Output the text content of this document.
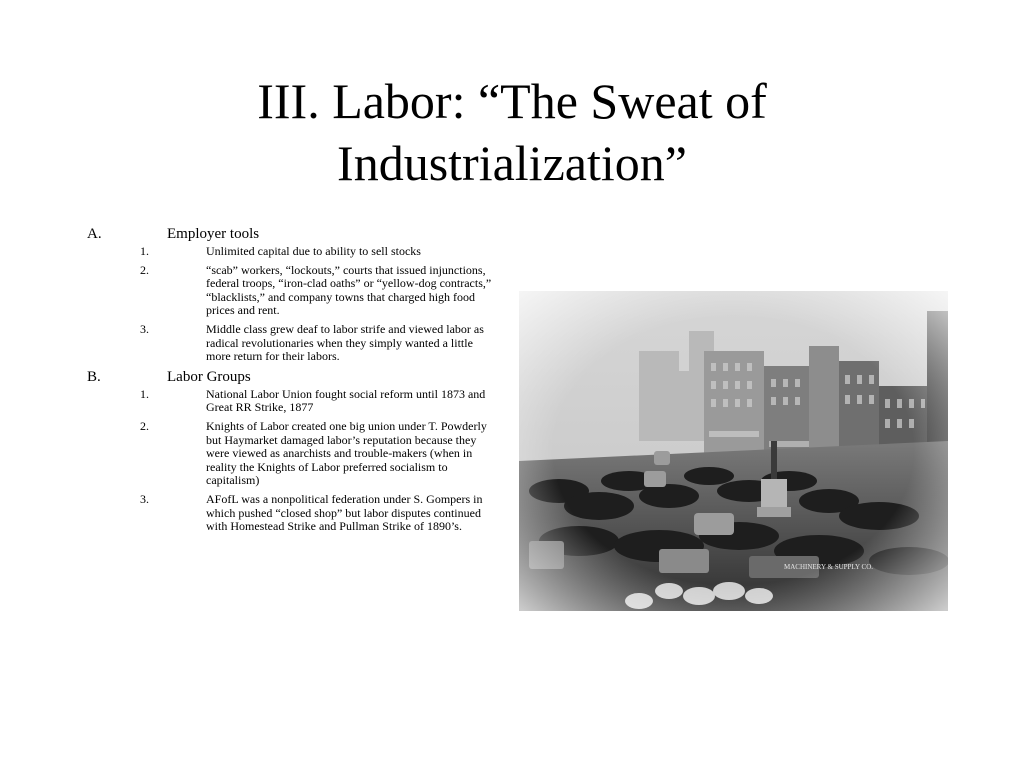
III. Labor: “The Sweat of
Industrialization”
A.	Employer tools
1.	Unlimited capital due to ability to sell stocks
2.	“scab” workers, “lockouts,” courts that issued injunctions, federal troops, “iron-clad oaths” or “yellow-dog contracts,” “blacklists,” and company towns that charged high food prices and rent.
3.	Middle class grew deaf to labor strife and viewed labor as radical revolutionaries when they simply wanted a little more return for their labors.
B.	Labor Groups
1.	National Labor Union fought social reform until 1873 and Great RR Strike, 1877
2.	Knights of Labor created one big union under T. Powderly but Haymarket damaged labor’s reputation because they were viewed as anarchists and trouble-makers (when in reality the Knights of Labor preferred socialism to capitalism)
3.	AFofL was a nonpolitical federation under S. Gompers in which pushed “closed shop” but labor disputes continued with Homestead Strike and Pullman Strike of 1890’s.
